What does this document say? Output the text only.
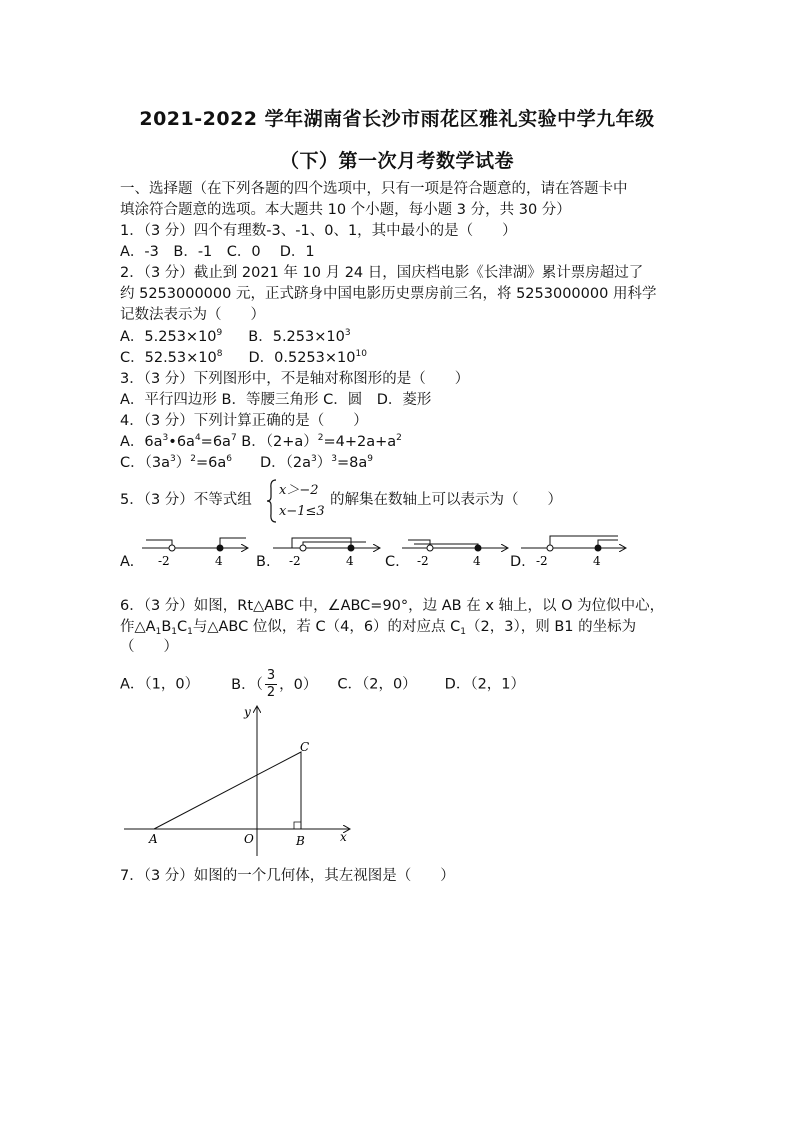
2021-2022 学年湖南省长沙市雨花区雅礼实验中学九年级
（下）第一次月考数学试卷
一、选择题（在下列各题的四个选项中，只有一项是符合题意的，请在答题卡中
填涂符合题意的选项。本大题共 10 个小题，每小题 3 分，共 30 分）
1．（3 分）四个有理数-3、-1、0、1，其中最小的是（　　）
A．-3　B．-1　C．0　 D．1
2．（3 分）截止到 2021 年 10 月 24 日，国庆档电影《长津湖》累计票房超过了
约 5253000000 元，正式跻身中国电影历史票房前三名，将 5253000000 用科学
记数法表示为（　　）
A．$5.253\times 10^9$ B．$5.253\times 10^3$
C．$52.53\times 10^8$ D．$0.5253\times 10^{10}$
3．（3 分）下列图形中，不是轴对称图形的是（　　）
A．平行四边形 B．等腰三角形 C．圆　D．菱形
4．（3 分）下列计算正确的是（　　）
A．$6a^3•6a^4=6a^7$ B．$(2+a)^2=4+2a+a^2$
C．$(3a^3)^2=6a^6$ D．$(2a^3)^3=8a^9$
5．（3 分）不等式组
x＞−2
x−1≤3
的解集在数轴上可以表示为（　　）
-2	4	-2	4	-2	4	-2	4
A.	B.	C.	D.
6．（3 分）如图，Rt△ABC 中，∠ABC=90°，边 AB 在 x 轴上，以 O 为位似中心，
作$\triangle A_1B_1C_1$与△ABC 位似，若 C（4，6）的对应点 $C_1(2$，3），则 B1 的坐标为
（　　）
A．（1，0） B．（ $\frac{3}{2}$ ，0） C．（2，0） D．（2，1）
y
x
A	O	B
C
7．（3 分）如图的一个几何体，其左视图是（　　）
